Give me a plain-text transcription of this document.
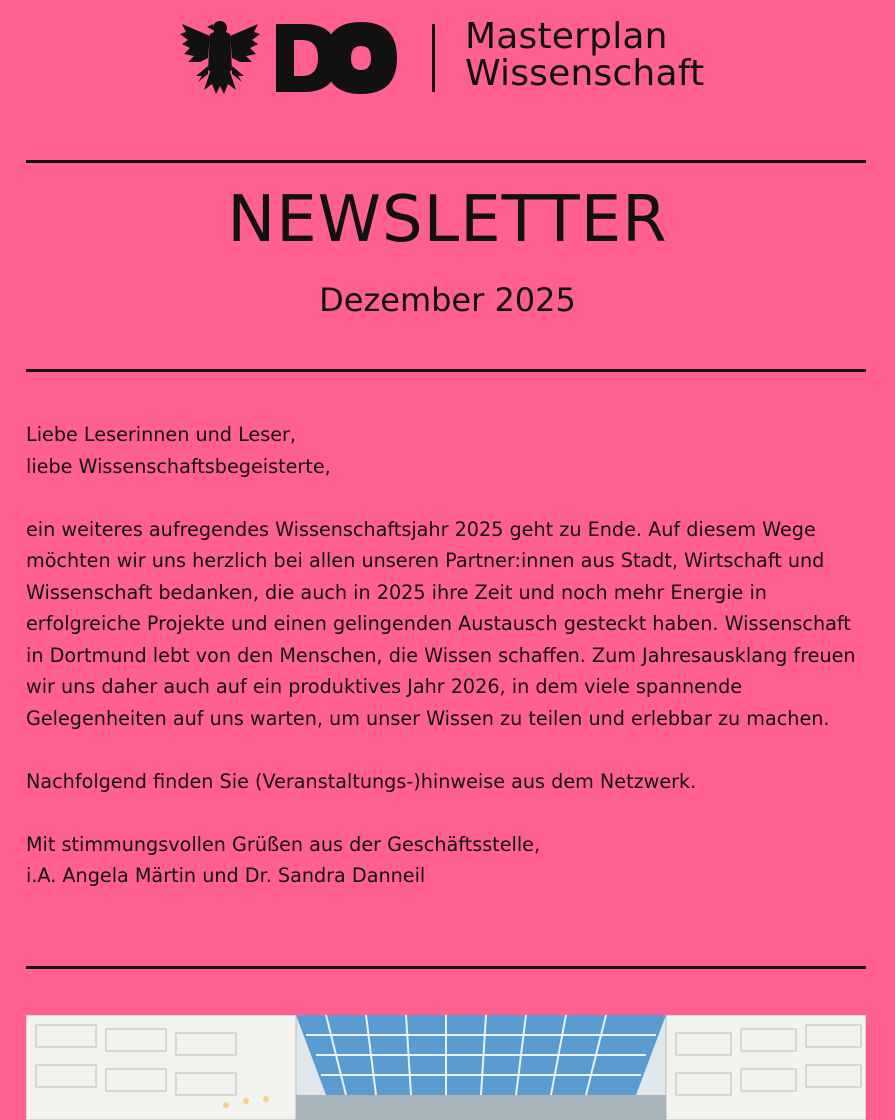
Masterplan
Wissenschaft
NEWSLETTER
Dezember 2025

Liebe Leserinnen und Leser,

liebe Wissenschaftsbegeisterte,

ein weiteres aufregendes Wissenschaftsjahr 2025 geht zu Ende. Auf diesem Wege möchten wir uns herzlich bei allen unseren Partner:innen aus Stadt, Wirtschaft und Wissenschaft bedanken, die auch in 2025 ihre Zeit und noch mehr Energie in erfolgreiche Projekte und einen gelingenden Austausch gesteckt haben. Wissenschaft in Dortmund lebt von den Menschen, die Wissen schaffen. Zum Jahresausklang freuen wir uns daher auch auf ein produktives Jahr 2026, in dem viele spannende Gelegenheiten auf uns warten, um unser Wissen zu teilen und erlebbar zu machen.

Nachfolgend finden Sie (Veranstaltungs-)hinweise aus dem Netzwerk.

Mit stimmungsvollen Grüßen aus der Geschäftsstelle,

i.A. Angela Märtin und Dr. Sandra Danneil
